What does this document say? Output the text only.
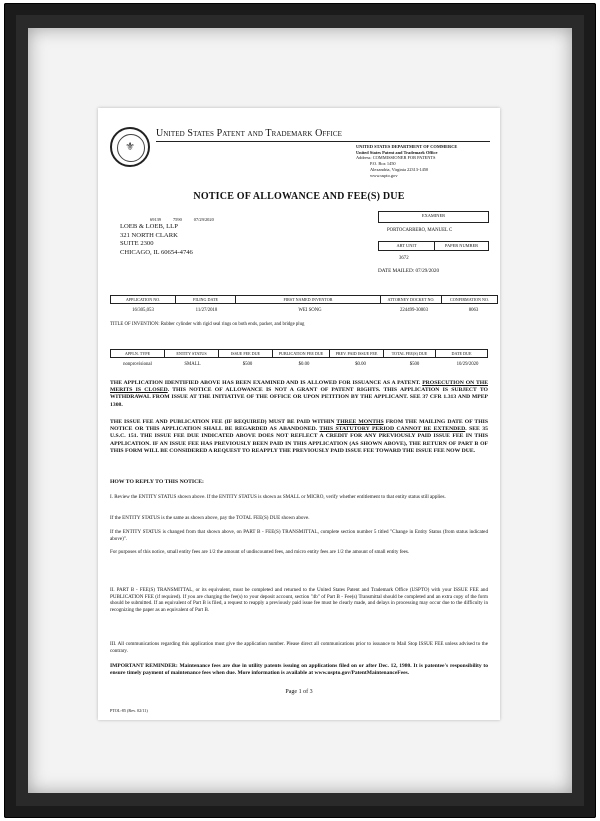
⚜
United States Patent and Trademark Office
UNITED STATES DEPARTMENT OF COMMERCE
United States Patent and Trademark Office
Address: COMMISSIONER FOR PATENTS
P.O. Box 1450
Alexandria, Virginia 22313-1450
www.uspto.gov
NOTICE OF ALLOWANCE AND FEE(S) DUE
69139	7590	07/29/2020
LOEB & LOEB, LLP
321 NORTH CLARK
SUITE 2300
CHICAGO, IL 60654-4746
EXAMINER
PORTOCARRERO, MANUEL C
ART UNIT	PAPER NUMBER
3672
DATE MAILED: 07/29/2020
APPLICATION NO.	FILING DATE	FIRST NAMED INVENTOR	ATTORNEY DOCKET NO.	CONFIRMATION NO.
16/305,053	11/27/2018	WEI SONG	224499-30003	8063
TITLE OF INVENTION: Rubber cylinder with rigid seal rings on both ends, packer, and bridge plug
APPLN. TYPE	ENTITY STATUS	ISSUE FEE DUE	PUBLICATION FEE DUE	PREV. PAID ISSUE FEE	TOTAL FEE(S) DUE	DATE DUE
nonprovisional	SMALL	$500	$0.00	$0.00	$500	10/29/2020
THE APPLICATION IDENTIFIED ABOVE HAS BEEN EXAMINED AND IS ALLOWED FOR ISSUANCE AS A PATENT. PROSECUTION ON THE MERITS IS CLOSED. THIS NOTICE OF ALLOWANCE IS NOT A GRANT OF PATENT RIGHTS. THIS APPLICATION IS SUBJECT TO WITHDRAWAL FROM ISSUE AT THE INITIATIVE OF THE OFFICE OR UPON PETITION BY THE APPLICANT. SEE 37 CFR 1.313 AND MPEP 1308.
THE ISSUE FEE AND PUBLICATION FEE (IF REQUIRED) MUST BE PAID WITHIN THREE MONTHS FROM THE MAILING DATE OF THIS NOTICE OR THIS APPLICATION SHALL BE REGARDED AS ABANDONED. THIS STATUTORY PERIOD CANNOT BE EXTENDED. SEE 35 U.S.C. 151. THE ISSUE FEE DUE INDICATED ABOVE DOES NOT REFLECT A CREDIT FOR ANY PREVIOUSLY PAID ISSUE FEE IN THIS APPLICATION. IF AN ISSUE FEE HAS PREVIOUSLY BEEN PAID IN THIS APPLICATION (AS SHOWN ABOVE), THE RETURN OF PART B OF THIS FORM WILL BE CONSIDERED A REQUEST TO REAPPLY THE PREVIOUSLY PAID ISSUE FEE TOWARD THE ISSUE FEE NOW DUE.
HOW TO REPLY TO THIS NOTICE:
I. Review the ENTITY STATUS shown above. If the ENTITY STATUS is shown as SMALL or MICRO, verify whether entitlement to that entity status still applies.
If the ENTITY STATUS is the same as shown above, pay the TOTAL FEE(S) DUE shown above.
If the ENTITY STATUS is changed from that shown above, on PART B - FEE(S) TRANSMITTAL, complete section number 5 titled "Change in Entity Status (from status indicated above)".
For purposes of this notice, small entity fees are 1/2 the amount of undiscounted fees, and micro entity fees are 1/2 the amount of small entity fees.
II. PART B - FEE(S) TRANSMITTAL, or its equivalent, must be completed and returned to the United States Patent and Trademark Office (USPTO) with your ISSUE FEE and PUBLICATION FEE (if required). If you are charging the fee(s) to your deposit account, section "4b" of Part B - Fee(s) Transmittal should be completed and an extra copy of the form should be submitted. If an equivalent of Part B is filed, a request to reapply a previously paid issue fee must be clearly made, and delays in processing may occur due to the difficulty in recognizing the paper as an equivalent of Part B.
III. All communications regarding this application must give the application number. Please direct all communications prior to issuance to Mail Stop ISSUE FEE unless advised to the contrary.
IMPORTANT REMINDER: Maintenance fees are due in utility patents issuing on applications filed on or after Dec. 12, 1980. It is patentee's responsibility to ensure timely payment of maintenance fees when due. More information is available at www.uspto.gov/PatentMaintenanceFees.
Page 1 of 3
PTOL-85 (Rev. 02/11)
